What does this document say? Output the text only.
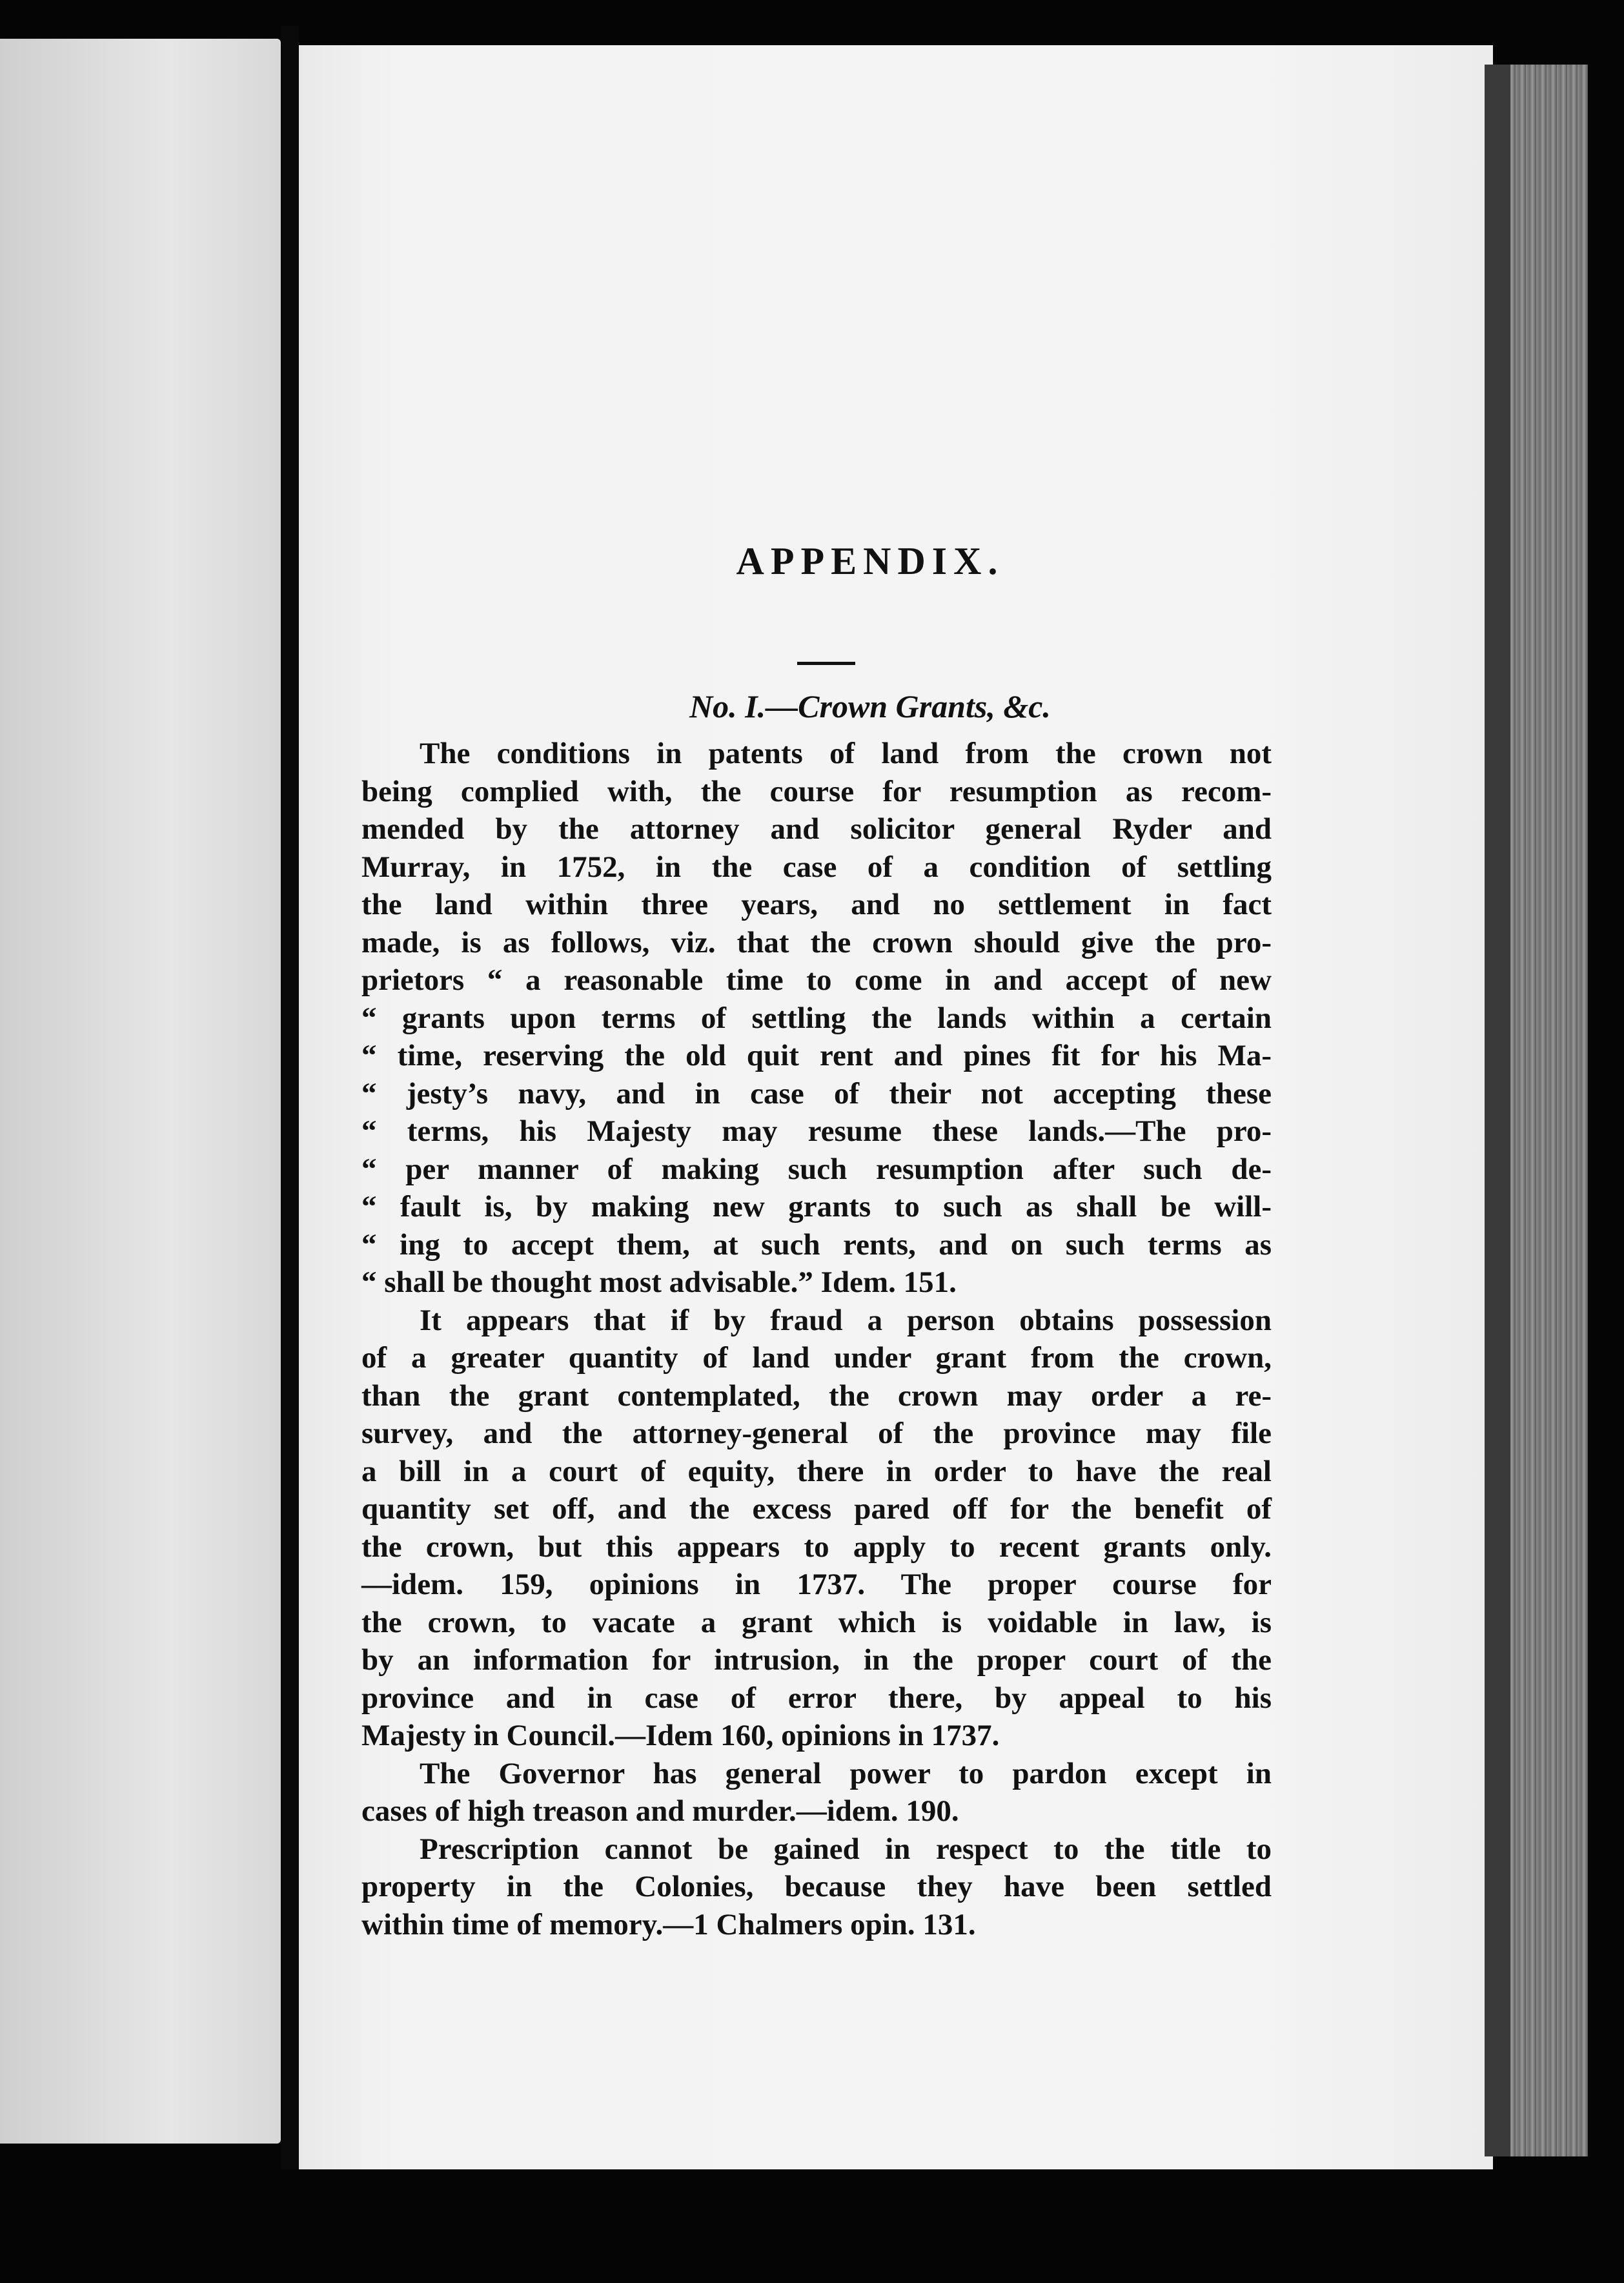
APPENDIX.
No. I.—Crown Grants, &c.
The conditions in patents of land from the crown not
being complied with, the course for resumption as recom-
mended by the attorney and solicitor general Ryder and
Murray, in 1752, in the case of a condition of settling
the land within three years, and no settlement in fact
made, is as follows, viz. that the crown should give the pro-
prietors “ a reasonable time to come in and accept of new
“ grants upon terms of settling the lands within a certain
“ time, reserving the old quit rent and pines fit for his Ma-
“ jesty’s navy, and in case of their not accepting these
“ terms, his Majesty may resume these lands.—The pro-
“ per manner of making such resumption after such de-
“ fault is, by making new grants to such as shall be will-
“ ing to accept them, at such rents, and on such terms as
“ shall be thought most advisable.” Idem. 151.
It appears that if by fraud a person obtains possession
of a greater quantity of land under grant from the crown,
than the grant contemplated, the crown may order a re-
survey, and the attorney-general of the province may file
a bill in a court of equity, there in order to have the real
quantity set off, and the excess pared off for the benefit of
the crown, but this appears to apply to recent grants only.
—idem. 159, opinions in 1737. The proper course for
the crown, to vacate a grant which is voidable in law, is
by an information for intrusion, in the proper court of the
province and in case of error there, by appeal to his
Majesty in Council.—Idem 160, opinions in 1737.
The Governor has general power to pardon except in
cases of high treason and murder.—idem. 190.
Prescription cannot be gained in respect to the title to
property in the Colonies, because they have been settled
within time of memory.—1 Chalmers opin. 131.
